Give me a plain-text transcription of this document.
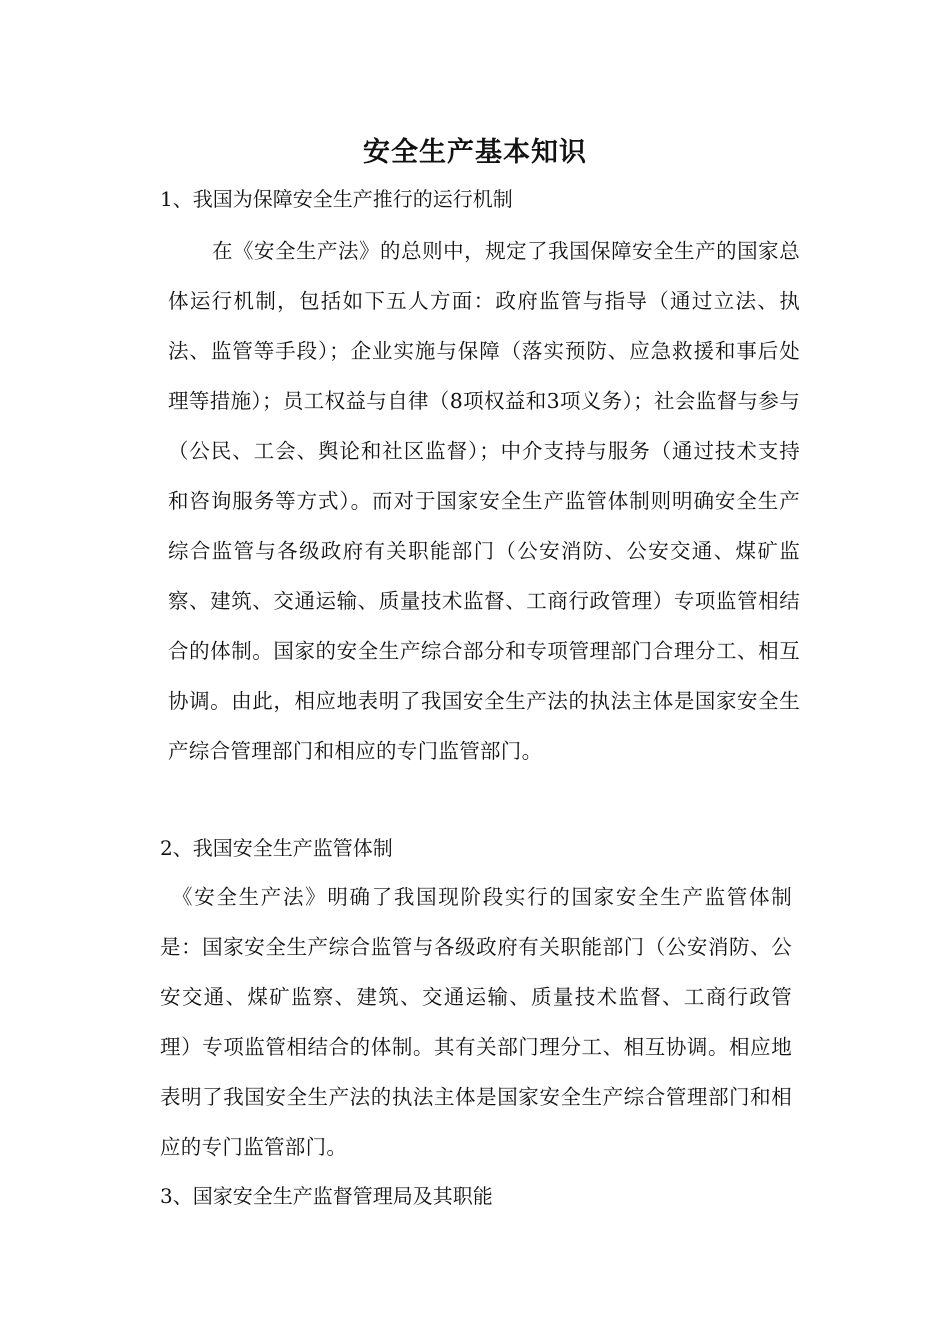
安全生产基本知识
1、我国为保障安全生产推行的运行机制
在《安全生产法》的总则中，规定了我国保障安全生产的国家总体运行机制，包括如下五人方面：政府监管与指导（通过立法、执法、监管等手段）；企业实施与保障（落实预防、应急救援和事后处理等措施）；员工权益与自律（8项权益和3项义务）；社会监督与参与（公民、工会、舆论和社区监督）；中介支持与服务（通过技术支持和咨询服务等方式）。而对于国家安全生产监管体制则明确安全生产综合监管与各级政府有关职能部门（公安消防、公安交通、煤矿监察、建筑、交通运输、质量技术监督、工商行政管理）专项监管相结合的体制。国家的安全生产综合部分和专项管理部门合理分工、相互协调。由此，相应地表明了我国安全生产法的执法主体是国家安全生产综合管理部门和相应的专门监管部门。
2、我国安全生产监管体制
《安全生产法》明确了我国现阶段实行的国家安全生产监管体制是：国家安全生产综合监管与各级政府有关职能部门（公安消防、公安交通、煤矿监察、建筑、交通运输、质量技术监督、工商行政管理）专项监管相结合的体制。其有关部门理分工、相互协调。相应地表明了我国安全生产法的执法主体是国家安全生产综合管理部门和相应的专门监管部门。
3、国家安全生产监督管理局及其职能
